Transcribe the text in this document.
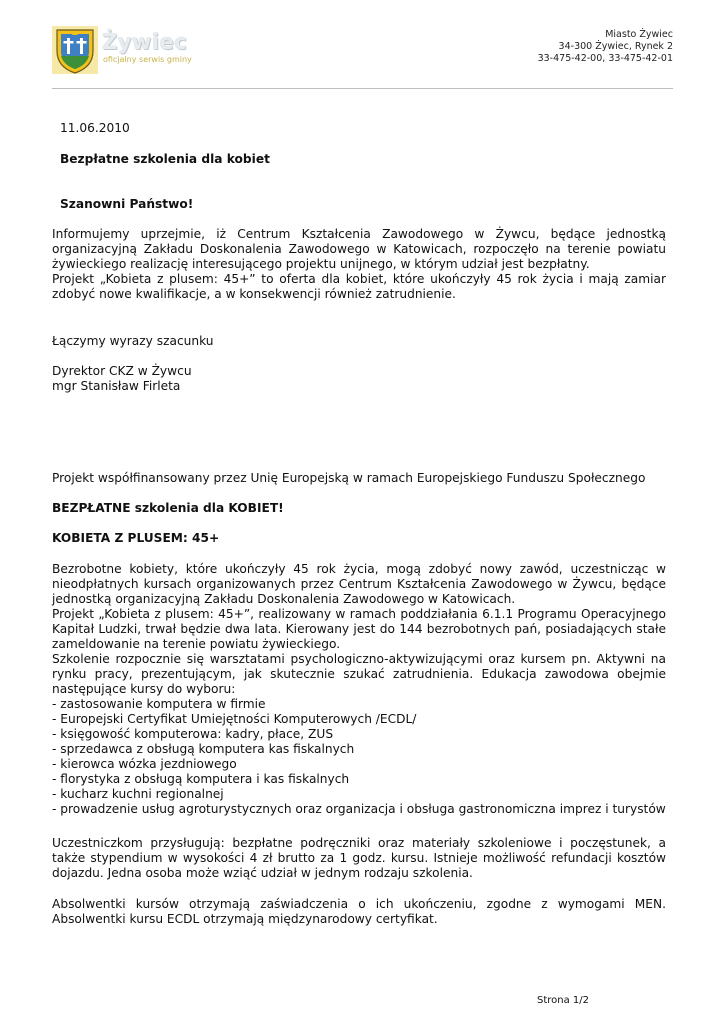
Żywiec
oficjalny serwis gminy
Miasto Żywiec
34-300 Żywiec, Rynek 2
33-475-42-00, 33-475-42-01
11.06.2010
Bezpłatne szkolenia dla kobiet
Szanowni Państwo!

Informujemy uprzejmie, iż Centrum Kształcenia Zawodowego w Żywcu, będące jednostką organizacyjną Zakładu Doskonalenia Zawodowego w Katowicach, rozpoczęło na terenie powiatu żywieckiego realizację interesującego projektu unijnego, w którym udział jest bezpłatny.

Projekt „Kobieta z plusem: 45+” to oferta dla kobiet, które ukończyły 45 rok życia i mają zamiar zdobyć nowe kwalifikacje, a w konsekwencji również zatrudnienie.

Łączymy wyrazy szacunku
Dyrektor CKZ w Żywcu
mgr Stanisław Firleta
Projekt współfinansowany przez Unię Europejską w ramach Europejskiego Funduszu Społecznego
BEZPŁATNE szkolenia dla KOBIET!
KOBIETA Z PLUSEM: 45+

Bezrobotne kobiety, które ukończyły 45 rok życia, mogą zdobyć nowy zawód, uczestnicząc w nieodpłatnych kursach organizowanych przez Centrum Kształcenia Zawodowego w Żywcu, będące jednostką organizacyjną Zakładu Doskonalenia Zawodowego w Katowicach.

Projekt „Kobieta z plusem: 45+”, realizowany w ramach poddziałania 6.1.1 Programu Operacyjnego Kapitał Ludzki, trwał będzie dwa lata. Kierowany jest do 144 bezrobotnych pań, posiadających stałe zameldowanie na terenie powiatu żywieckiego.

Szkolenie rozpocznie się warsztatami psychologiczno-aktywizującymi oraz kursem pn. Aktywni na rynku pracy, prezentującym, jak skutecznie szukać zatrudnienia. Edukacja zawodowa obejmie następujące kursy do wyboru:

- zastosowanie komputera w firmie
- Europejski Certyfikat Umiejętności Komputerowych /ECDL/
- księgowość komputerowa: kadry, płace, ZUS
- sprzedawca z obsługą komputera kas fiskalnych
- kierowca wózka jezdniowego
- florystyka z obsługą komputera i kas fiskalnych
- kucharz kuchni regionalnej
- prowadzenie usług agroturystycznych oraz organizacja i obsługa gastronomiczna imprez i turystów
Uczestniczkom przysługują: bezpłatne podręczniki oraz materiały szkoleniowe i poczęstunek, a także stypendium w wysokości 4 zł brutto za 1 godz. kursu. Istnieje możliwość refundacji kosztów dojazdu. Jedna osoba może wziąć udział w jednym rodzaju szkolenia.
Absolwentki kursów otrzymają zaświadczenia o ich ukończeniu, zgodne z wymogami MEN. Absolwentki kursu ECDL otrzymają międzynarodowy certyfikat.
Strona 1/2
